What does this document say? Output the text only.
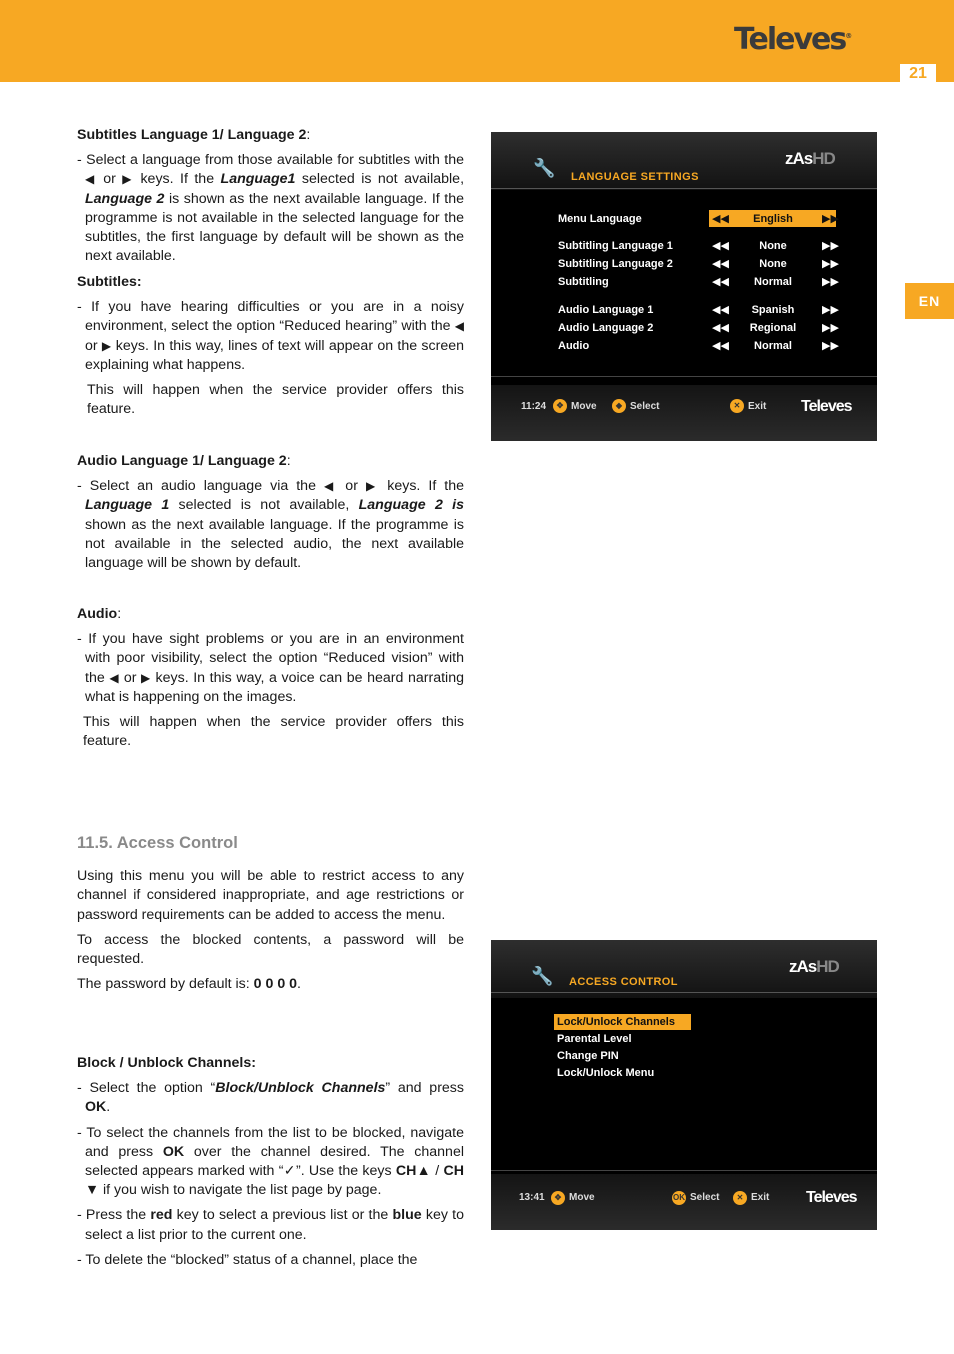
Televes®
21
EN
Subtitles Language 1/ Language 2:
- Select a language from those available for subtitles with the ◀ or ▶ keys. If the Language1 selected is not available, Language 2 is shown as the next available language. If the programme is not available in the selected language for the subtitles, the first language by default will be shown as the next available.
Subtitles:
- If you have hearing difficulties or you are in a noisy environment, select the option “Reduced hearing” with the ◀ or ▶ keys. In this way, lines of text will appear on the screen explaining what happens.
This will happen when the service provider offers this feature.
Audio Language 1/ Language 2:
- Select an audio language via the ◀ or ▶ keys. If the Language 1 selected is not available, Language 2 is shown as the next available language. If the programme is not available in the selected audio, the next available language will be shown by default.
Audio:
- If you have sight problems or you are in an environment with poor visibility, select the option “Reduced vision” with the ◀ or ▶ keys. In this way, a voice can be heard narrating what is happening on the images.
This will happen when the service provider offers this feature.
11.5. Access Control
Using this menu you will be able to restrict access to any channel if considered inappropriate, and age restrictions or password requirements can be added to access the menu.
To access the blocked contents, a password will be requested.
The password by default is: 0 0 0 0.
Block / Unblock Channels:
- Select the option “Block/Unblock Channels” and press OK.
- To select the channels from the list to be blocked, navigate and press OK over the channel desired. The channel selected appears marked with “✓”. Use the keys CH▲ / CH ▼ if you wish to navigate the list page by page.
- Press the red key to select a previous list or the blue key to select a list prior to the current one.
- To delete the “blocked” status of a channel, place the
🔧 LANGUAGE SETTINGS
zAsHD
Menu Language	◀◀	English	▶▶
Subtitling Language 1	◀◀	None	▶▶
Subtitling Language 2	◀◀	None	▶▶
Subtitling	◀◀	Normal	▶▶
Audio Language 1	◀◀	Spanish	▶▶
Audio Language 2	◀◀	Regional	▶▶
Audio	◀◀	Normal	▶▶
11:24	✥ Move	◆ Select	✕ Exit Televes
🔧 ACCESS CONTROL
zAsHD
Lock/Unlock Channels
Parental Level
Change PIN
Lock/Unlock Menu
13:41	✥ Move	OK Select	✕ Exit Televes
